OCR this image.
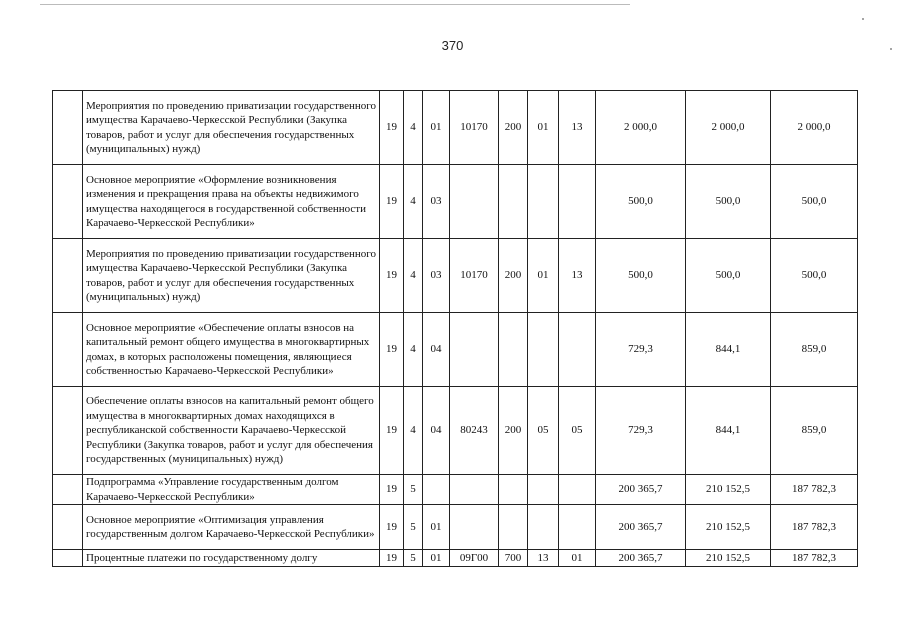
370
	Мероприятия по проведению приватизации государственного имущества Карачаево-Черкесской Республики (Закупка товаров, работ и услуг для обеспечения государственных (муниципальных) нужд)	19	4	01	10170	200	01	13	2 000,0	2 000,0	2 000,0
	Основное мероприятие «Оформление возникновения изменения и прекращения права на объекты недвижимого имущества находящегося в государственной собственности Карачаево-Черкесской Республики»	19	4	03					500,0	500,0	500,0
	Мероприятия по проведению приватизации государственного имущества Карачаево-Черкесской Республики (Закупка товаров, работ и услуг для обеспечения государственных (муниципальных) нужд)	19	4	03	10170	200	01	13	500,0	500,0	500,0
	Основное мероприятие «Обеспечение оплаты взносов на капитальный ремонт общего имущества в многоквартирных домах, в которых расположены помещения, являющиеся собственностью Карачаево-Черкесской Республики»	19	4	04					729,3	844,1	859,0
	Обеспечение оплаты взносов на капитальный ремонт общего имущества в многоквартирных домах находящихся в республиканской собственности Карачаево-Черкесской Республики (Закупка товаров, работ и услуг для обеспечения государственных (муниципальных) нужд)	19	4	04	80243	200	05	05	729,3	844,1	859,0
	Подпрограмма «Управление государственным долгом Карачаево-Черкесской Республики»	19	5						200 365,7	210 152,5	187 782,3
	Основное мероприятие «Оптимизация управления государственным долгом Карачаево-Черкесской Республики»	19	5	01					200 365,7	210 152,5	187 782,3
	Процентные платежи по государственному долгу	19	5	01	09Г00	700	13	01	200 365,7	210 152,5	187 782,3
